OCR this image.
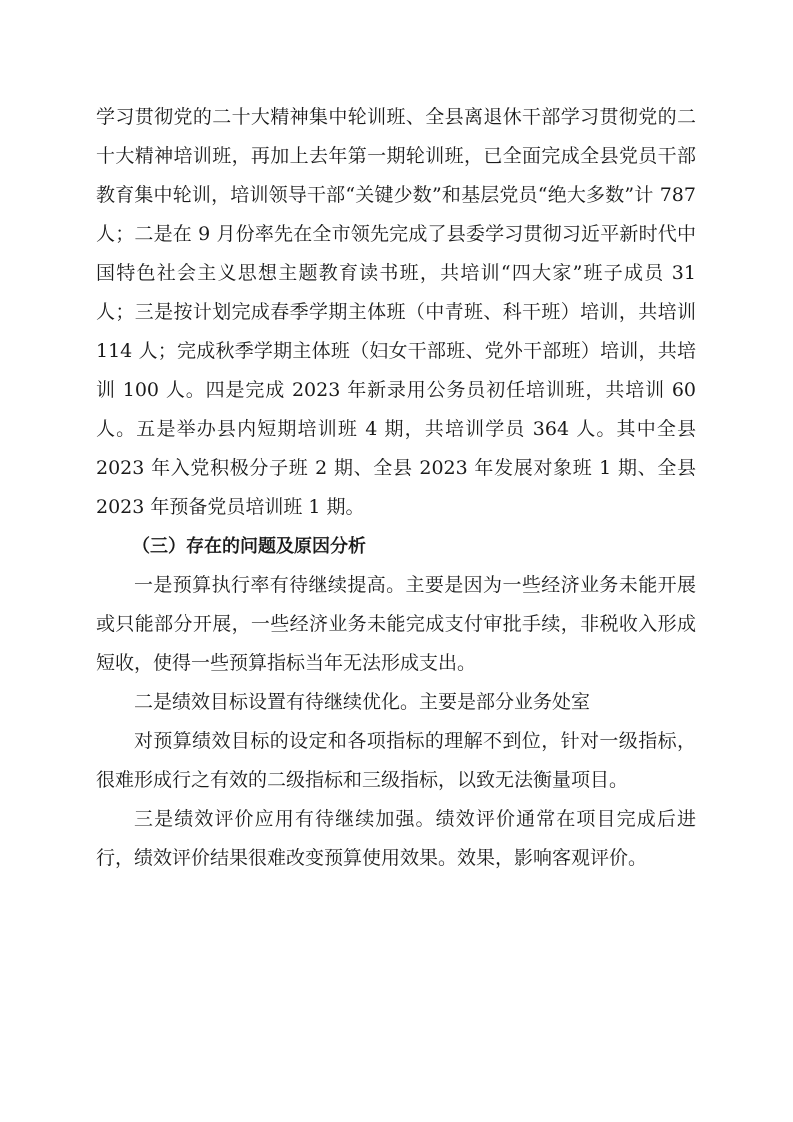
学习贯彻党的二十大精神集中轮训班、全县离退休干部学习贯彻党的二十大精神培训班，再加上去年第一期轮训班，已全面完成全县党员干部教育集中轮训，培训领导干部“关键少数”和基层党员“绝大多数”计 787 人；二是在 9 月份率先在全市领先完成了县委学习贯彻习近平新时代中国特色社会主义思想主题教育读书班，共培训“四大家”班子成员 31 人；三是按计划完成春季学期主体班（中青班、科干班）培训，共培训 114 人；完成秋季学期主体班（妇女干部班、党外干部班）培训，共培训 100 人。四是完成 2023 年新录用公务员初任培训班，共培训 60 人。五是举办县内短期培训班 4 期，共培训学员 364 人。其中全县 2023 年入党积极分子班 2 期、全县 2023 年发展对象班 1 期、全县 2023 年预备党员培训班 1 期。

（三）存在的问题及原因分析

一是预算执行率有待继续提高。主要是因为一些经济业务未能开展或只能部分开展，一些经济业务未能完成支付审批手续，非税收入形成短收，使得一些预算指标当年无法形成支出。

二是绩效目标设置有待继续优化。主要是部分业务处室

对预算绩效目标的设定和各项指标的理解不到位，针对一级指标，很难形成行之有效的二级指标和三级指标，以致无法衡量项目。

三是绩效评价应用有待继续加强。绩效评价通常在项目完成后进行，绩效评价结果很难改变预算使用效果。效果，影响客观评价。
